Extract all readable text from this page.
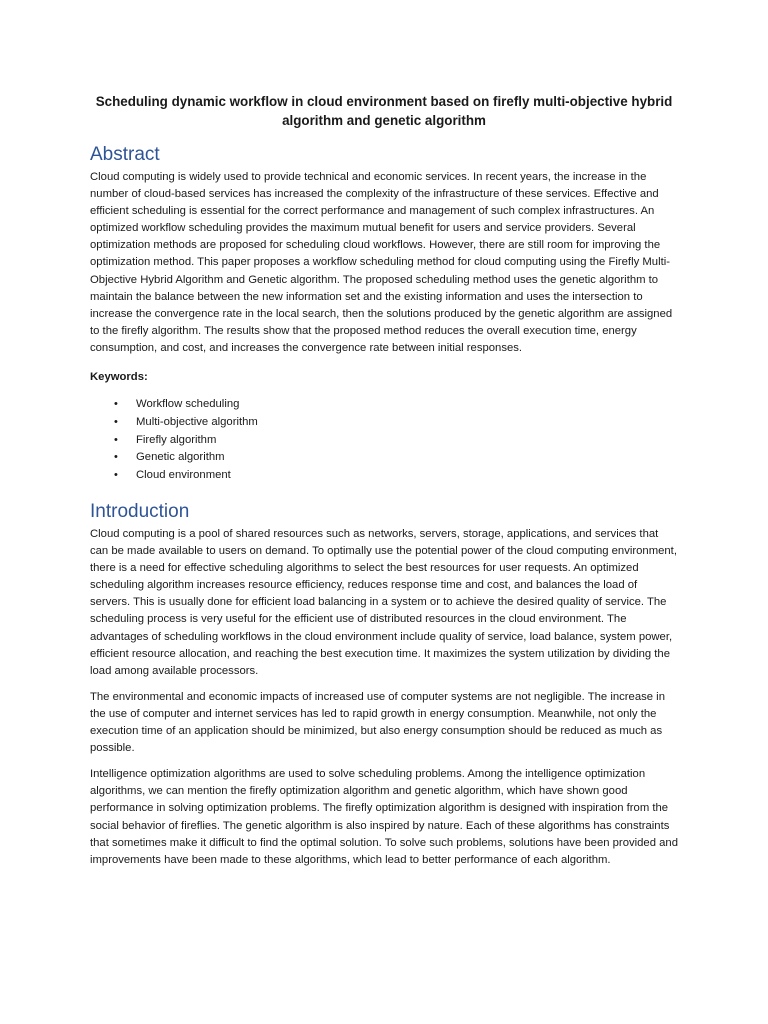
Scheduling dynamic workflow in cloud environment based on firefly multi-objective hybrid algorithm and genetic algorithm
Abstract

Cloud computing is widely used to provide technical and economic services. In recent years, the increase in the number of cloud-based services has increased the complexity of the infrastructure of these services. Effective and efficient scheduling is essential for the correct performance and management of such complex infrastructures. An optimized workflow scheduling provides the maximum mutual benefit for users and service providers. Several optimization methods are proposed for scheduling cloud workflows. However, there are still room for improving the optimization method. This paper proposes a workflow scheduling method for cloud computing using the Firefly Multi-Objective Hybrid Algorithm and Genetic algorithm. The proposed scheduling method uses the genetic algorithm to maintain the balance between the new information set and the existing information and uses the intersection to increase the convergence rate in the local search, then the solutions produced by the genetic algorithm are assigned to the firefly algorithm. The results show that the proposed method reduces the overall execution time, energy consumption, and cost, and increases the convergence rate between initial responses.

Keywords:
• Workflow scheduling
• Multi-objective algorithm
• Firefly algorithm
• Genetic algorithm
• Cloud environment
Introduction

Cloud computing is a pool of shared resources such as networks, servers, storage, applications, and services that can be made available to users on demand. To optimally use the potential power of the cloud computing environment, there is a need for effective scheduling algorithms to select the best resources for user requests. An optimized scheduling algorithm increases resource efficiency, reduces response time and cost, and balances the load of servers. This is usually done for efficient load balancing in a system or to achieve the desired quality of service. The scheduling process is very useful for the efficient use of distributed resources in the cloud environment. The advantages of scheduling workflows in the cloud environment include quality of service, load balance, system power, efficient resource allocation, and reaching the best execution time. It maximizes the system utilization by dividing the load among available processors.

The environmental and economic impacts of increased use of computer systems are not negligible. The increase in the use of computer and internet services has led to rapid growth in energy consumption. Meanwhile, not only the execution time of an application should be minimized, but also energy consumption should be reduced as much as possible.

Intelligence optimization algorithms are used to solve scheduling problems. Among the intelligence optimization algorithms, we can mention the firefly optimization algorithm and genetic algorithm, which have shown good performance in solving optimization problems. The firefly optimization algorithm is designed with inspiration from the social behavior of fireflies. The genetic algorithm is also inspired by nature. Each of these algorithms has constraints that sometimes make it difficult to find the optimal solution. To solve such problems, solutions have been provided and improvements have been made to these algorithms, which lead to better performance of each algorithm.
